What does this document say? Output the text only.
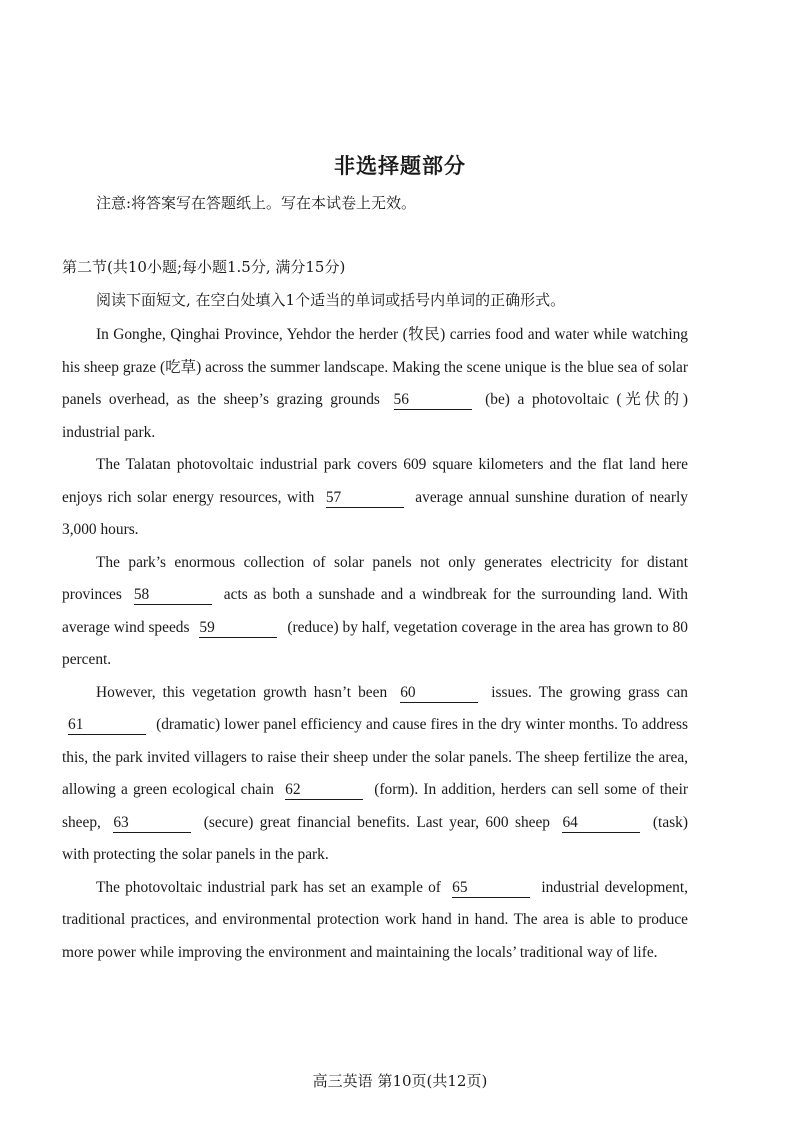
非选择题部分
注意:将答案写在答题纸上。写在本试卷上无效。
第二节(共10小题;每小题1.5分, 满分15分)
阅读下面短文, 在空白处填入1个适当的单词或括号内单词的正确形式。

In Gonghe, Qinghai Province, Yehdor the herder (牧民) carries food and water while watching his sheep graze (吃草) across the summer landscape. Making the scene unique is the blue sea of solar panels overhead, as the sheep’s grazing grounds 56	(be) a photovoltaic (光伏的) industrial park.

The Talatan photovoltaic industrial park covers 609 square kilometers and the flat land here enjoys rich solar energy resources, with 57	average annual sunshine duration of nearly 3,000 hours.

The park’s enormous collection of solar panels not only generates electricity for distant provinces 58	acts as both a sunshade and a windbreak for the surrounding land. With average wind speeds 59	(reduce) by half, vegetation coverage in the area has grown to 80 percent.

However, this vegetation growth hasn’t been 60	issues. The growing grass can 61	(dramatic) lower panel efficiency and cause fires in the dry winter months. To address this, the park invited villagers to raise their sheep under the solar panels. The sheep fertilize the area, allowing a green ecological chain 62	(form). In addition, herders can sell some of their sheep, 63	(secure) great financial benefits. Last year, 600 sheep 64	(task) with protecting the solar panels in the park.

The photovoltaic industrial park has set an example of 65	industrial development, traditional practices, and environmental protection work hand in hand. The area is able to produce more power while improving the environment and maintaining the locals’ traditional way of life.

高三英语 第10页(共12页)
